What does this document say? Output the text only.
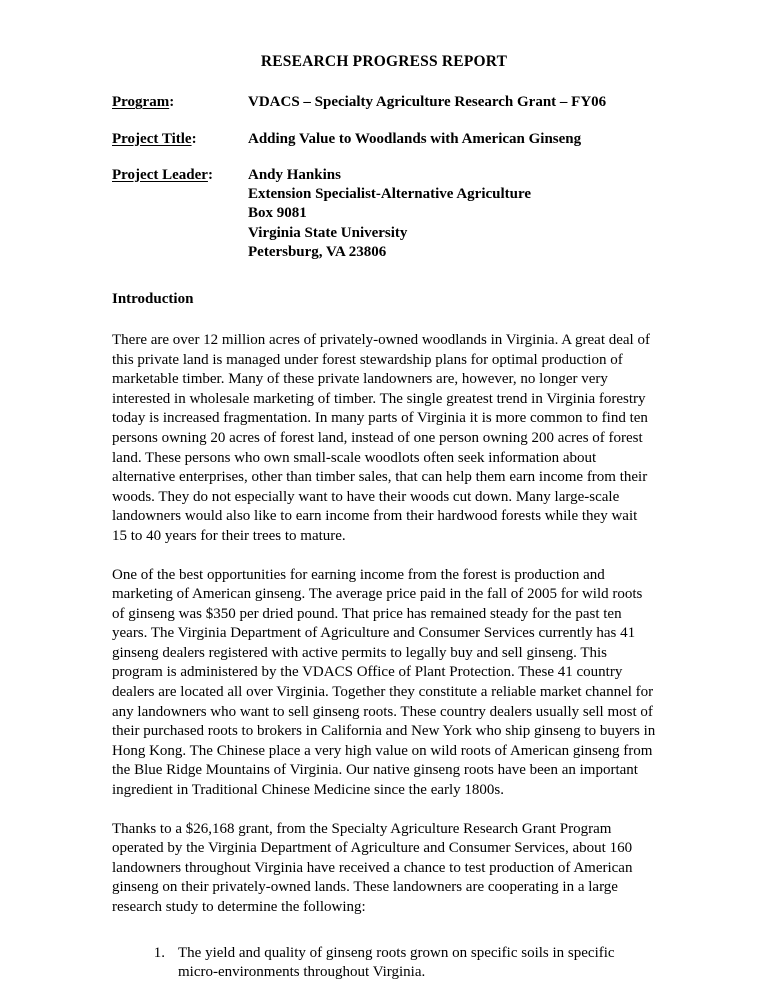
RESEARCH PROGRESS REPORT
Program:	VDACS – Specialty Agriculture Research Grant – FY06

Project Title:	Adding Value to Woodlands with American Ginseng

Project Leader:	Andy Hankins
Extension Specialist-Alternative Agriculture
Box 9081
Virginia State University
Petersburg, VA 23806
Introduction

There are over 12 million acres of privately-owned woodlands in Virginia. A great deal of this private land is managed under forest stewardship plans for optimal production of marketable timber. Many of these private landowners are, however, no longer very interested in wholesale marketing of timber. The single greatest trend in Virginia forestry today is increased fragmentation. In many parts of Virginia it is more common to find ten persons owning 20 acres of forest land, instead of one person owning 200 acres of forest land. These persons who own small-scale woodlots often seek information about alternative enterprises, other than timber sales, that can help them earn income from their woods. They do not especially want to have their woods cut down. Many large-scale landowners would also like to earn income from their hardwood forests while they wait 15 to 40 years for their trees to mature.

One of the best opportunities for earning income from the forest is production and marketing of American ginseng. The average price paid in the fall of 2005 for wild roots of ginseng was $350 per dried pound. That price has remained steady for the past ten years. The Virginia Department of Agriculture and Consumer Services currently has 41 ginseng dealers registered with active permits to legally buy and sell ginseng. This program is administered by the VDACS Office of Plant Protection. These 41 country dealers are located all over Virginia. Together they constitute a reliable market channel for any landowners who want to sell ginseng roots. These country dealers usually sell most of their purchased roots to brokers in California and New York who ship ginseng to buyers in Hong Kong. The Chinese place a very high value on wild roots of American ginseng from the Blue Ridge Mountains of Virginia. Our native ginseng roots have been an important ingredient in Traditional Chinese Medicine since the early 1800s.

Thanks to a $26,168 grant, from the Specialty Agriculture Research Grant Program operated by the Virginia Department of Agriculture and Consumer Services, about 160 landowners throughout Virginia have received a chance to test production of American ginseng on their privately-owned lands. These landowners are cooperating in a large research study to determine the following:

The yield and quality of ginseng roots grown on specific soils in specific micro-environments throughout Virginia.
